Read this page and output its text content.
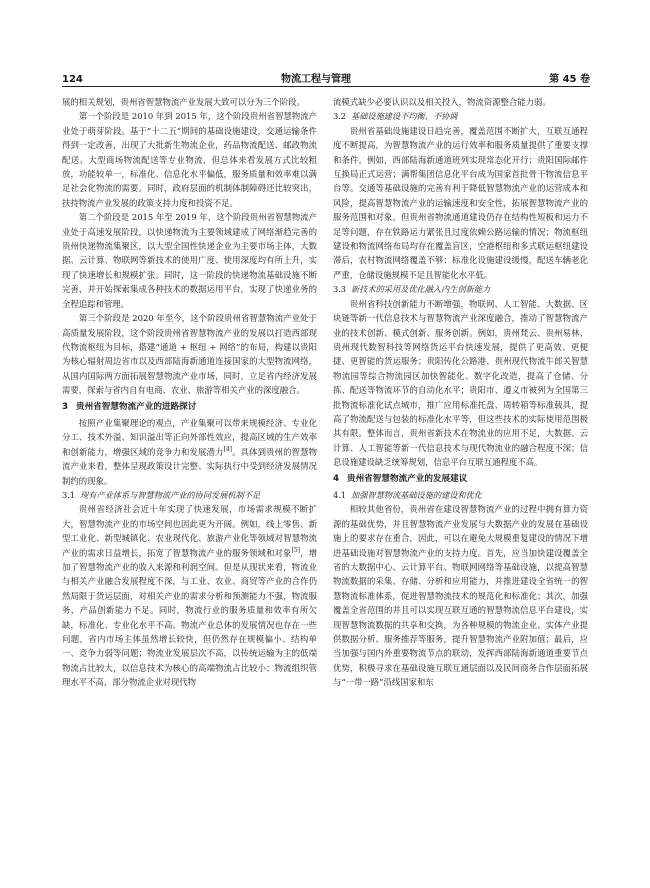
124	物流工程与管理	第 45 卷

展的相关规划，贵州省智慧物流产业发展大致可以分为三个阶段。

第一个阶段是 2010 年到 2015 年，这个阶段贵州省智慧物流产业处于萌芽阶段。基于“十二五”期间的基础设施建设，交通运输条件得到一定改善，出现了大批新生物流企业，药品物流配送、邮政物流配送、大型商场物流配送等专业物流，但总体来看发展方式比较粗放，功能较单一，标准化、信息化水平偏低，服务质量和效率难以满足社会化物流的需要。同时，政府层面的机制体制障碍还比较突出，扶持物流产业发展的政策支持力度和投资不足。

第二个阶段是 2015 年至 2019 年，这个阶段贵州省智慧物流产业处于高速发展阶段，以快递物流为主要领域建成了网络渐趋完善的贵州快递物流集聚区，以大型全国性快递企业为主要市场主体，大数据、云计算、物联网等新技术的使用广度、使用深度均有所上升，实现了快速增长和规模扩张。同时，这一阶段的快递物流基础设施不断完善，并开始探索集成各种技术的数据运用平台，实现了快递业务的全程追踪和管理。

第三个阶段是 2020 年至今，这个阶段贵州省智慧物流产业处于高质量发展阶段，这个阶段贵州省智慧物流产业的发展以打造西部现代物流枢纽为目标，搭建“通道 + 枢纽 + 网络”的布局，构建以贵阳为核心辐射周边省市以及西部陆海新通道连接国家的大型物流网络，从国内国际两方面拓展智慧物流产业市场，同时，立足省内经济发展需要，探索与省内自有电商、农业、旅游等相关产业的深度融合。

3 贵州省智慧物流产业的进路探讨

按照产业集聚理论的观点，产业集聚可以带来规模经济、专业化分工、技术外溢、知识溢出等正向外部性效应，提高区域的生产效率和创新能力，增强区域的竞争力和发展潜力[4]。具体到贵州的智慧物流产业来看，整体呈现政策设计完整、实际执行中受到经济发展情况制约的现象。

3.1 现有产业体系与智慧物流产业的协同发展机制不足

贵州省经济社会近十年实现了快速发展，市场需求规模不断扩大，智慧物流产业的市场空间也因此更为开阔。例如，线上零售、新型工业化、新型城镇化、农业现代化、旅游产业化等领域对智慧物流产业的需求日益增长，拓宽了智慧物流产业的服务领域和对象[5]，增加了智慧物流产业的收入来源和利润空间。但是从现状来看，物流业与相关产业融合发展程度不深，与工业、农业、商贸等产业的合作仍然局限于货运层面，对相关产业的需求分析和预测能力不强，物流服务、产品创新能力不足。同时，物流行业的服务质量和效率有所欠缺，标准化、专业化水平不高。物流产业总体的发展情况也存在一些问题，省内市场主体虽然增长较快，但仍然存在规模偏小、结构单一、竞争力弱等问题；物流业发展层次不高，以传统运输为主的低端物流占比较大，以信息技术为核心的高端物流占比较小；物流组织管理水平不高，部分物流企业对现代物

流模式缺少必要认识以及相关投入，物流资源整合能力弱。

3.2 基础设施建设不均衡、不协调

贵州省基础设施建设日趋完善，覆盖范围不断扩大，互联互通程度不断提高，为智慧物流产业的运行效率和服务质量提供了重要支撑和条件。例如，西部陆海新通道班列实现常态化开行；贵阳国际邮件互换局正式运营；满帮集团信息化平台成为国家首批骨干物流信息平台等。交通等基础设施的完善有利于降低智慧物流产业的运营成本和风险，提高智慧物流产业的运输速度和安全性，拓展智慧物流产业的服务范围和对象。但贵州省物流通道建设仍存在结构性短板和运力不足等问题，存在铁路运力紧张且过度依赖公路运输的情况；物流枢纽建设和物流网络布局均存在覆盖盲区，空港枢纽和多式联运枢纽建设滞后，农村物流网络覆盖不够；标准化设施建设缓慢，配送车辆老化严重，仓储设施规模不足且智能化水平低。

3.3 新技术的采用及优化融入内生创新能力

贵州省科技创新能力不断增强，物联网、人工智能、大数据、区块链等新一代信息技术与智慧物流产业深度融合，推动了智慧物流产业的技术创新、模式创新、服务创新。例如，贵州梵云、贵州易林、贵州现代数智科技等网络货运平台快速发展，提供了更高效、更便捷、更智能的货运服务；贵阳传化公路港、贵州现代物流牛郎关智慧物流园等综合物流园区加快智能化、数字化改造，提高了仓储、分拣、配送等物流环节的自动化水平；贵阳市、遵义市被列为全国第三批物流标准化试点城市，推广应用标准托盘、周转箱等标准载具，提高了物流配送与包装的标准化水平等，但这些技术的实际使用范围极其有限。整体而言，贵州省新技术在物流业的应用不足，大数据、云计算、人工智能等新一代信息技术与现代物流业的融合程度不深；信息设施建设缺乏统筹规划，信息平台互联互通程度不高。

4 贵州省智慧物流产业的发展建议
4.1 加强智慧物流基础设施的建设和优化

相较其他省份，贵州省在建设智慧物流产业的过程中拥有算力资源的基础优势，并且智慧物流产业发展与大数据产业的发展在基础设施上的要求存在重合，因此，可以在避免大规模重复建设的情况下增进基础设施对智慧物流产业的支持力度。首先，应当加快建设覆盖全省的大数据中心、云计算平台、物联网网络等基础设施，以提高智慧物流数据的采集、存储、分析和应用能力，并推进建设全省统一的智慧物流标准体系，促进智慧物流技术的规范化和标准化；其次，加强覆盖全省范围的并且可以实现互联互通的智慧物流信息平台建设，实现智慧物流数据的共享和交换，为各种规模的物流企业、实体产业提供数据分析、服务推荐等服务，提升智慧物流产业附加值；最后，应当加强与国内外重要物流节点的联动，发挥西部陆海新通道重要节点优势，积极寻求在基础设施互联互通层面以及民间商务合作层面拓展与“一带一路”沿线国家和东
